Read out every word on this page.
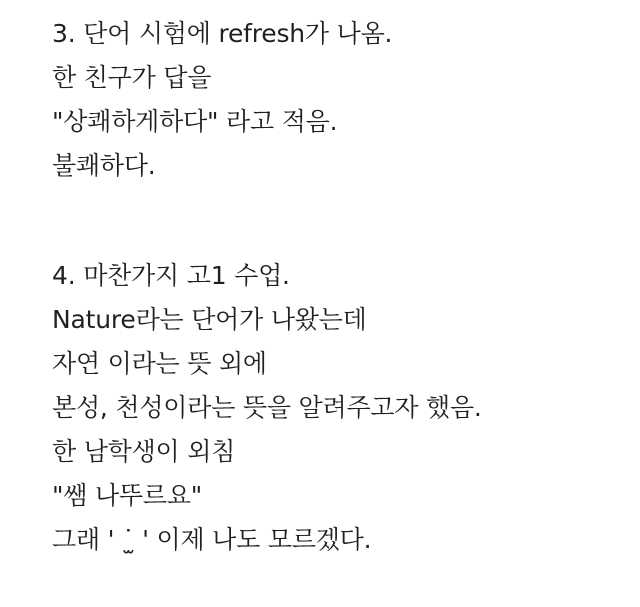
3. 단어 시험에 refresh가 나옴.
한 친구가 답을
"상쾌하게하다" 라고 적음.
불쾌하다.
4. 마찬가지 고1 수업.
Nature라는 단어가 나왔는데
자연 이라는 뜻 외에
본성, 천성이라는 뜻을 알려주고자 했음.
한 남학생이 외침
"쌤 나뚜르요"
그래 ' ˙̫ ' 이제 나도 모르겠다.
